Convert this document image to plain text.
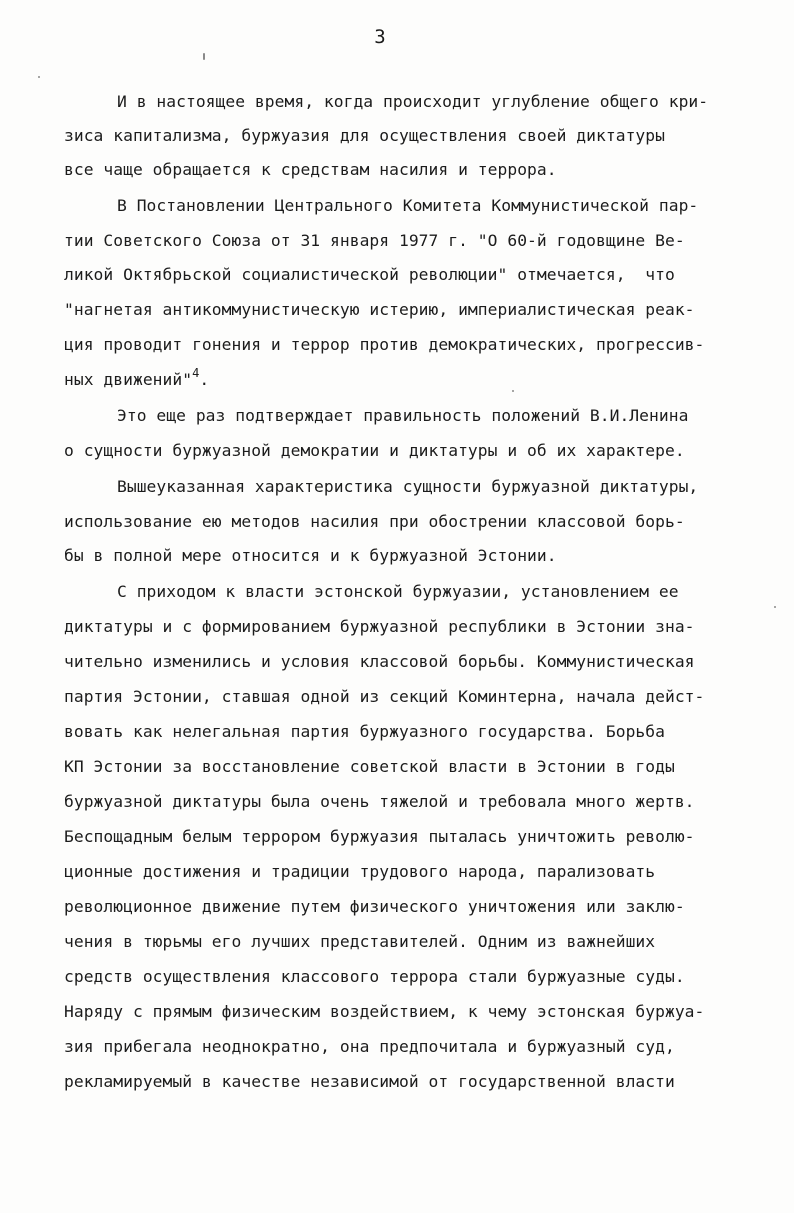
3
И в настоящее время, когда происходит углубление общего кри-
зиса капитализма, буржуазия для осуществления своей диктатуры
все чаще обращается к средствам насилия и террора.
В Постановлении Центрального Комитета Коммунистической пар-
тии Советского Союза от 31 января 1977 г. "О 60-й годовщине Ве-
ликой Октябрьской социалистической революции" отмечается,  что
"нагнетая антикоммунистическую истерию, империалистическая реак-
ция проводит гонения и террор против демократических, прогрессив-
ных движений"$^4$.
Это еще раз подтверждает правильность положений В.И.Ленина
о сущности буржуазной демократии и диктатуры и об их характере.
Вышеуказанная характеристика сущности буржуазной диктатуры,
использование ею методов насилия при обострении классовой борь-
бы в полной мере относится и к буржуазной Эстонии.
С приходом к власти эстонской буржуазии, установлением ее
диктатуры и с формированием буржуазной республики в Эстонии зна-
чительно изменились и условия классовой борьбы. Коммунистическая
партия Эстонии, ставшая одной из секций Коминтерна, начала дейст-
вовать как нелегальная партия буржуазного государства. Борьба
КП Эстонии за восстановление советской власти в Эстонии в годы
буржуазной диктатуры была очень тяжелой и требовала много жертв.
Беспощадным белым террором буржуазия пыталась уничтожить револю-
ционные достижения и традиции трудового народа, парализовать
революционное движение путем физического уничтожения или заклю-
чения в тюрьмы его лучших представителей. Одним из важнейших
средств осуществления классового террора стали буржуазные суды.
Наряду с прямым физическим воздействием, к чему эстонская буржуа-
зия прибегала неоднократно, она предпочитала и буржуазный суд,
рекламируемый в качестве независимой от государственной власти
